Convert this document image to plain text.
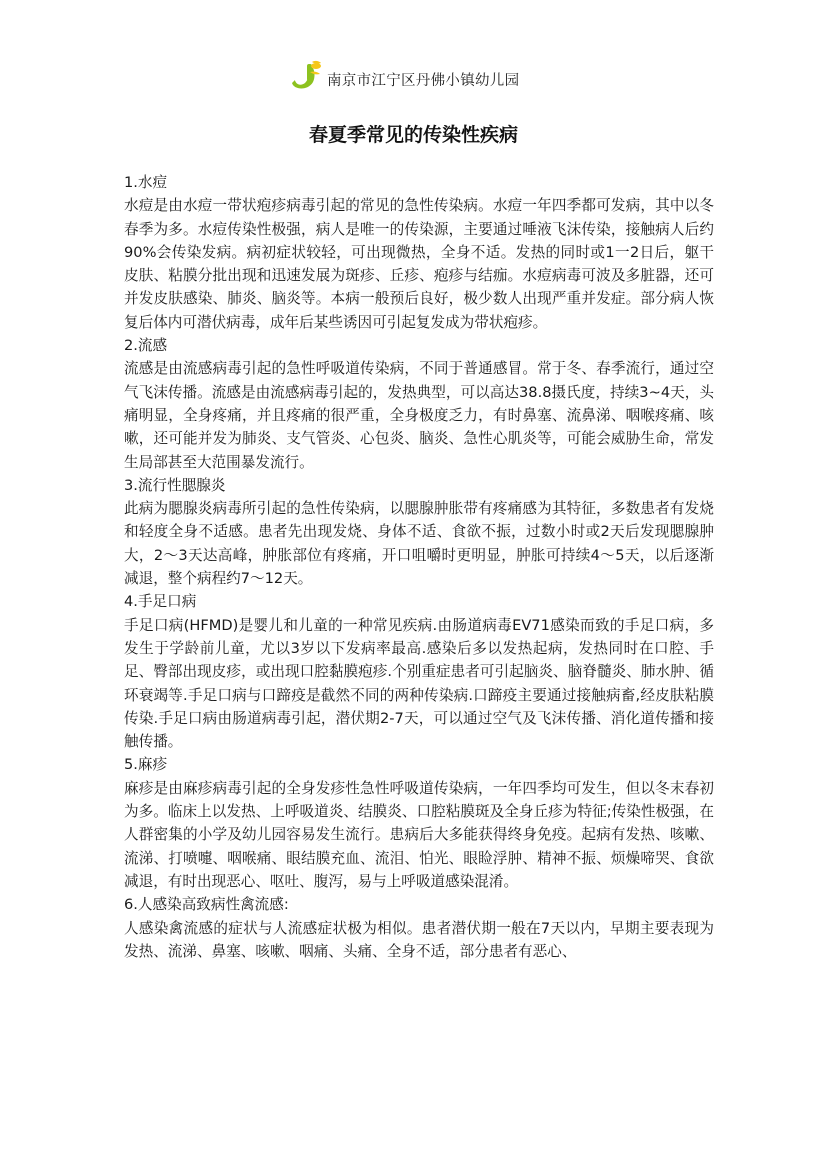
南京市江宁区丹佛小镇幼儿园
春夏季常见的传染性疾病
1.水痘
水痘是由水痘一带状疱疹病毒引起的常见的急性传染病。水痘一年四季都可发病，其中以冬春季为多。水痘传染性极强，病人是唯一的传染源，主要通过唾液飞沫传染，接触病人后约90%会传染发病。病初症状较轻，可出现微热，全身不适。发热的同时或1一2日后，躯干皮肤、粘膜分批出现和迅速发展为斑疹、丘疹、疱疹与结痂。水痘病毒可波及多脏器，还可并发皮肤感染、肺炎、脑炎等。本病一般预后良好，极少数人出现严重并发症。部分病人恢复后体内可潜伏病毒，成年后某些诱因可引起复发成为带状疱疹。
2.流感
流感是由流感病毒引起的急性呼吸道传染病，不同于普通感冒。常于冬、春季流行，通过空气飞沫传播。流感是由流感病毒引起的，发热典型，可以高达38.8摄氏度，持续3~4天，头痛明显，全身疼痛，并且疼痛的很严重，全身极度乏力，有时鼻塞、流鼻涕、咽喉疼痛、咳嗽，还可能并发为肺炎、支气管炎、心包炎、脑炎、急性心肌炎等，可能会威胁生命，常发生局部甚至大范围暴发流行。
3.流行性腮腺炎
此病为腮腺炎病毒所引起的急性传染病，以腮腺肿胀带有疼痛感为其特征，多数患者有发烧和轻度全身不适感。患者先出现发烧、身体不适、食欲不振，过数小时或2天后发现腮腺肿大，2～3天达高峰，肿胀部位有疼痛，开口咀嚼时更明显，肿胀可持续4～5天，以后逐渐减退，整个病程约7～12天。
4.手足口病
手足口病(HFMD)是婴儿和儿童的一种常见疾病.由肠道病毒EV71感染而致的手足口病，多发生于学龄前儿童，尤以3岁以下发病率最高.感染后多以发热起病，发热同时在口腔、手足、臀部出现皮疹，或出现口腔黏膜疱疹.个别重症患者可引起脑炎、脑脊髓炎、肺水肿、循环衰竭等.手足口病与口蹄疫是截然不同的两种传染病.口蹄疫主要通过接触病畜,经皮肤粘膜传染.手足口病由肠道病毒引起，潜伏期2-7天，可以通过空气及飞沫传播、消化道传播和接触传播。
5.麻疹
麻疹是由麻疹病毒引起的全身发疹性急性呼吸道传染病，一年四季均可发生，但以冬末春初为多。临床上以发热、上呼吸道炎、结膜炎、口腔粘膜斑及全身丘疹为特征;传染性极强，在人群密集的小学及幼儿园容易发生流行。患病后大多能获得终身免疫。起病有发热、咳嗽、流涕、打喷嚏、咽喉痛、眼结膜充血、流泪、怕光、眼睑浮肿、精神不振、烦燥啼哭、食欲减退，有时出现恶心、呕吐、腹泻，易与上呼吸道感染混淆。
6.人感染高致病性禽流感:
人感染禽流感的症状与人流感症状极为相似。患者潜伏期一般在7天以内，早期主要表现为发热、流涕、鼻塞、咳嗽、咽痛、头痛、全身不适，部分患者有恶心、
